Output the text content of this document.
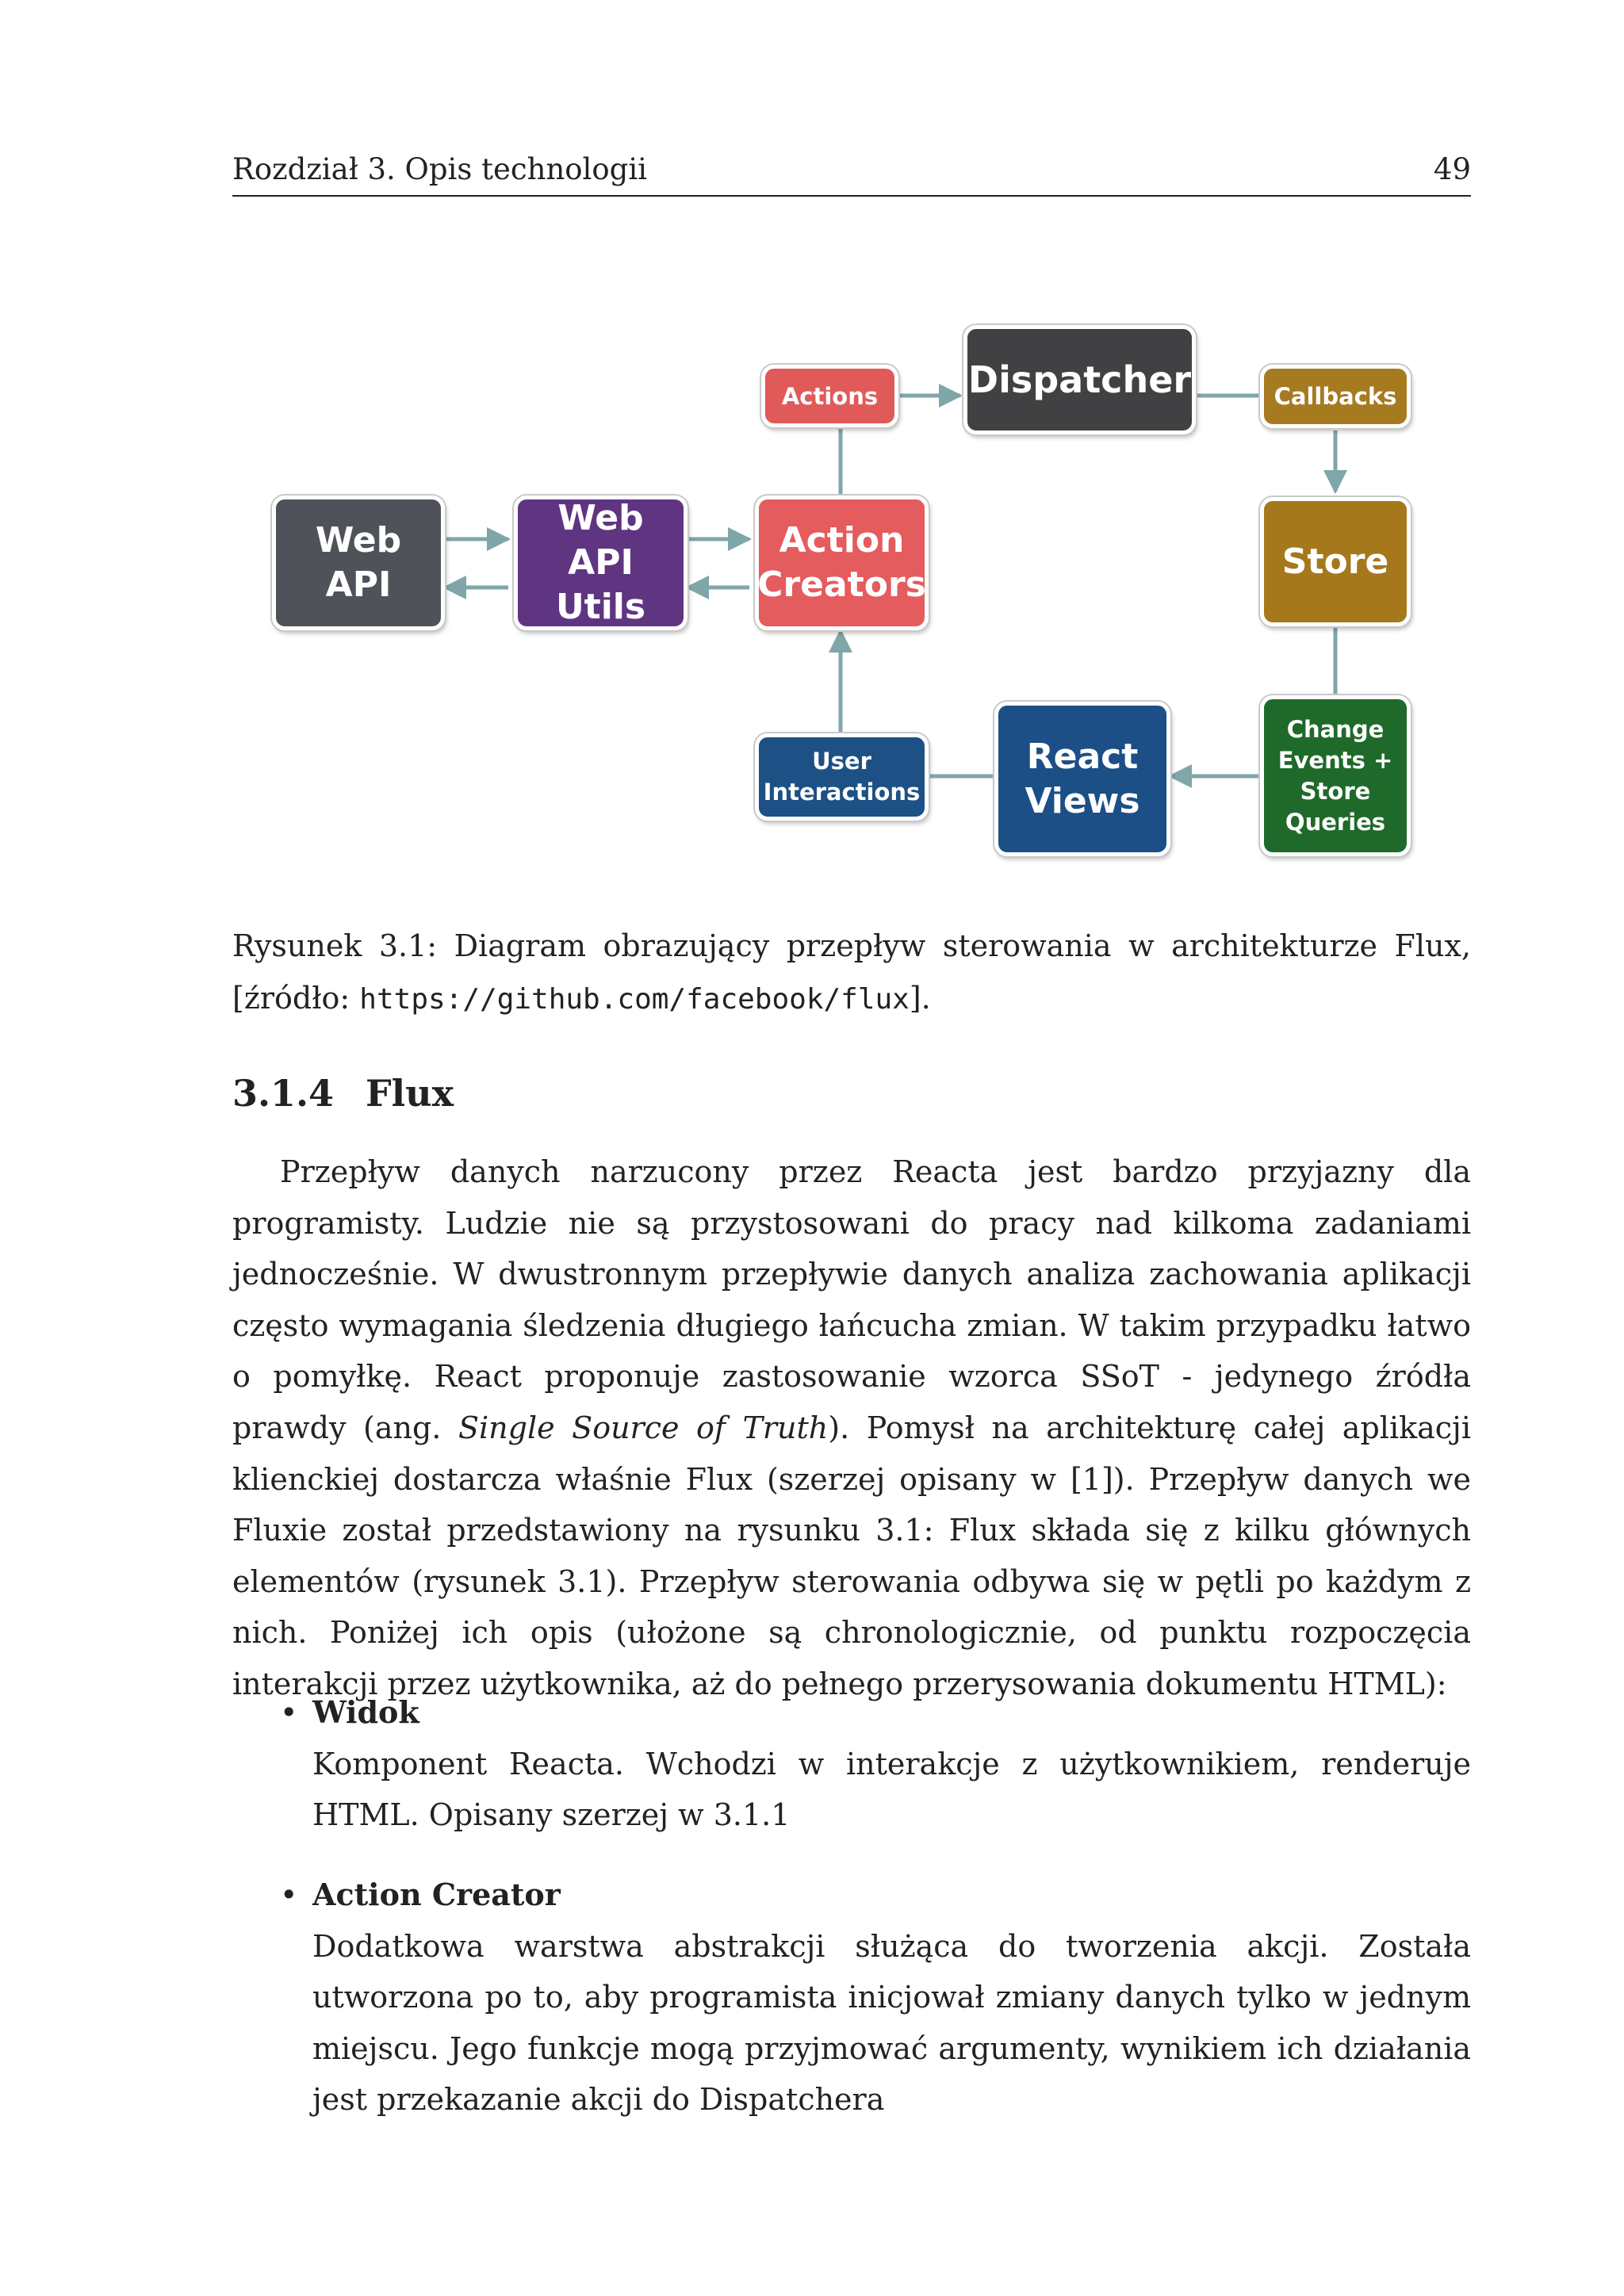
Rozdział 3. Opis technologii	49
Dispatcher
Actions	Callbacks
Web
API
Web
API Utils
Action
Creators
Store
User
Interactions
React
Views
Change
Events +
Store
Queries
Rysunek 3.1: Diagram obrazujący przepływ sterowania w architekturze Flux, [źródło: https://github.com/facebook/flux].
3.1.4 Flux

Przepływ danych narzucony przez Reacta jest bardzo przyjazny dla programisty. Ludzie nie są przystosowani do pracy nad kilkoma zadaniami jednocześnie. W dwustronnym przepływie danych analiza zachowania aplikacji często wymagania śledzenia długiego łańcucha zmian. W takim przypadku łatwo o pomyłkę. React proponuje zastosowanie wzorca SSoT - jedynego źródła prawdy (ang. Single Source of Truth). Pomysł na architekturę całej aplikacji klienckiej dostarcza właśnie Flux (szerzej opisany w [1]). Przepływ danych we Fluxie został przedstawiony na rysunku 3.1: Flux składa się z kilku głównych elementów (rysunek 3.1). Przepływ sterowania odbywa się w pętli po każdym z nich. Poniżej ich opis (ułożone są chronologicznie, od punktu rozpoczęcia interakcji przez użytkownika, aż do pełnego przerysowania dokumentu HTML):

• Widok
Komponent Reacta. Wchodzi w interakcje z użytkownikiem, renderuje HTML. Opisany szerzej w 3.1.1
• Action Creator
Dodatkowa warstwa abstrakcji służąca do tworzenia akcji. Została utworzona po to, aby programista inicjował zmiany danych tylko w jednym miejscu. Jego funkcje mogą przyjmować argumenty, wynikiem ich działania jest przekazanie akcji do Dispatchera
